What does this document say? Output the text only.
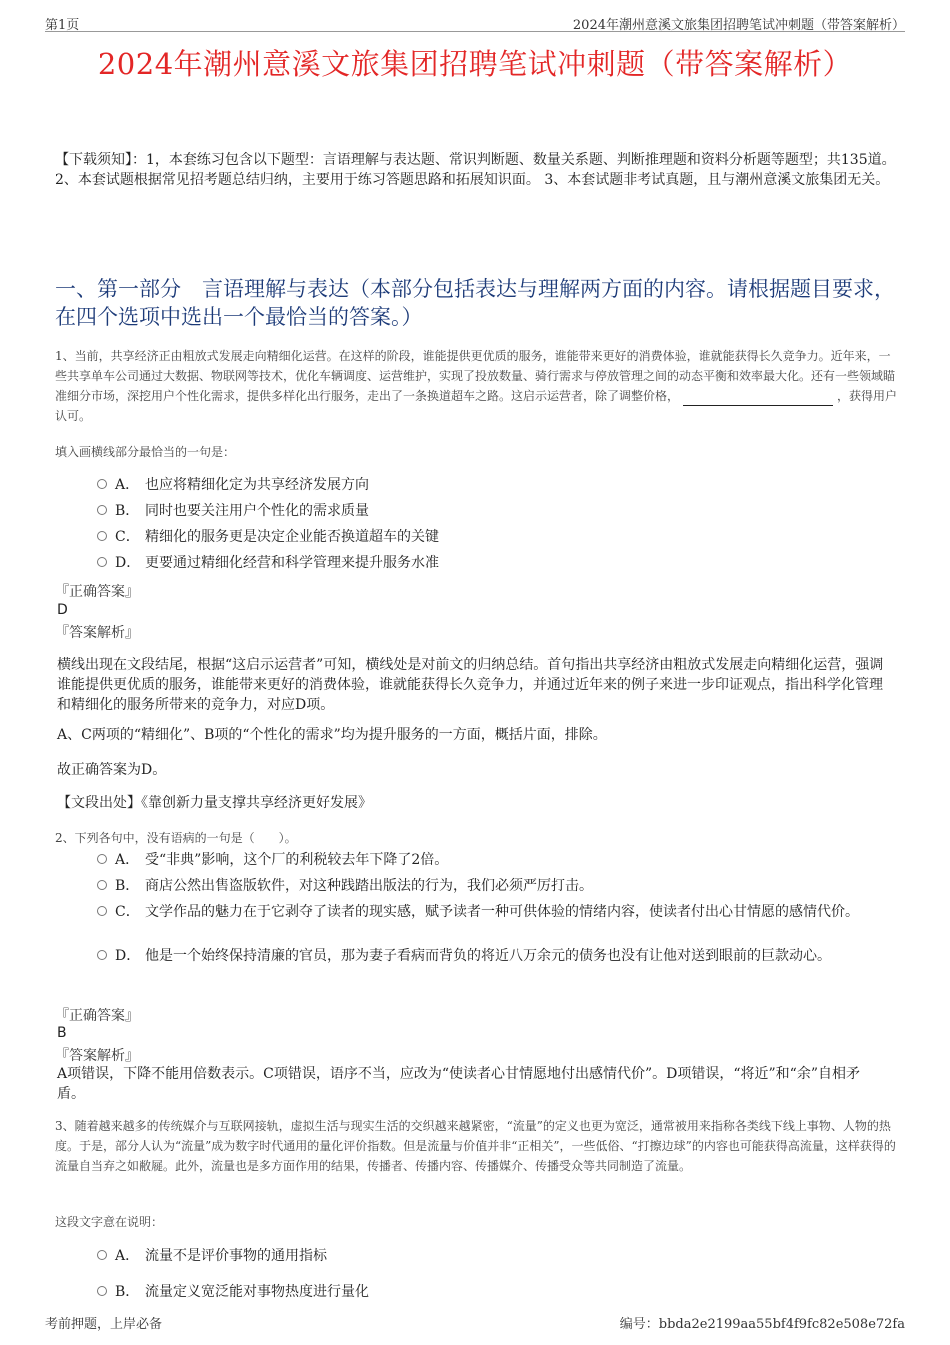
第1页	2024年潮州意溪文旅集团招聘笔试冲刺题（带答案解析）
2024年潮州意溪文旅集团招聘笔试冲刺题（带答案解析）
【下载须知】：1，本套练习包含以下题型：言语理解与表达题、常识判断题、数量关系题、判断推理题和资料分析题等题型；共135道。 2、本套试题根据常见招考题总结归纳，主要用于练习答题思路和拓展知识面。 3、本套试题非考试真题，且与潮州意溪文旅集团无关。
一、第一部分　言语理解与表达（本部分包括表达与理解两方面的内容。请根据题目要求，在四个选项中选出一个最恰当的答案。）
1、当前，共享经济正由粗放式发展走向精细化运营。在这样的阶段，谁能提供更优质的服务，谁能带来更好的消费体验，谁就能获得长久竞争力。近年来，一些共享单车公司通过大数据、物联网等技术，优化车辆调度、运营维护，实现了投放数量、骑行需求与停放管理之间的动态平衡和效率最大化。还有一些领域瞄准细分市场，深挖用户个性化需求，提供多样化出行服务，走出了一条换道超车之路。这启示运营者，除了调整价格，	，获得用户认可。
填入画横线部分最恰当的一句是：
A． 也应将精细化定为共享经济发展方向
B． 同时也要关注用户个性化的需求质量
C． 精细化的服务更是决定企业能否换道超车的关键
D． 更要通过精细化经营和科学管理来提升服务水准
『正确答案』
D
『答案解析』
横线出现在文段结尾，根据“这启示运营者”可知，横线处是对前文的归纳总结。首句指出共享经济由粗放式发展走向精细化运营，强调谁能提供更优质的服务，谁能带来更好的消费体验，谁就能获得长久竞争力，并通过近年来的例子来进一步印证观点，指出科学化管理和精细化的服务所带来的竞争力，对应D项。
A、C两项的“精细化”、B项的“个性化的需求”均为提升服务的一方面，概括片面，排除。
故正确答案为D。
【文段出处】《靠创新力量支撑共享经济更好发展》
2、下列各句中，没有语病的一句是（　　）。
A． 受“非典”影响，这个厂的利税较去年下降了2倍。
B． 商店公然出售盗版软件，对这种践踏出版法的行为，我们必须严厉打击。
C． 文学作品的魅力在于它剥夺了读者的现实感，赋予读者一种可供体验的情绪内容，使读者付出心甘情愿的感情代价。
D． 他是一个始终保持清廉的官员，那为妻子看病而背负的将近八万余元的债务也没有让他对送到眼前的巨款动心。
『正确答案』
B
『答案解析』
A项错误，下降不能用倍数表示。C项错误，语序不当，应改为“使读者心甘情愿地付出感情代价”。D项错误，“将近”和“余”自相矛盾。
3、随着越来越多的传统媒介与互联网接轨，虚拟生活与现实生活的交织越来越紧密，“流量”的定义也更为宽泛，通常被用来指称各类线下线上事物、人物的热度。于是，部分人认为“流量”成为数字时代通用的量化评价指数。但是流量与价值并非“正相关”，一些低俗、“打擦边球”的内容也可能获得高流量，这样获得的流量自当弃之如敝屣。此外，流量也是多方面作用的结果，传播者、传播内容、传播媒介、传播受众等共同制造了流量。
这段文字意在说明：
A． 流量不是评价事物的通用指标
B． 流量定义宽泛能对事物热度进行量化
考前押题，上岸必备	编号：bbda2e2199aa55bf4f9fc82e508e72fa
